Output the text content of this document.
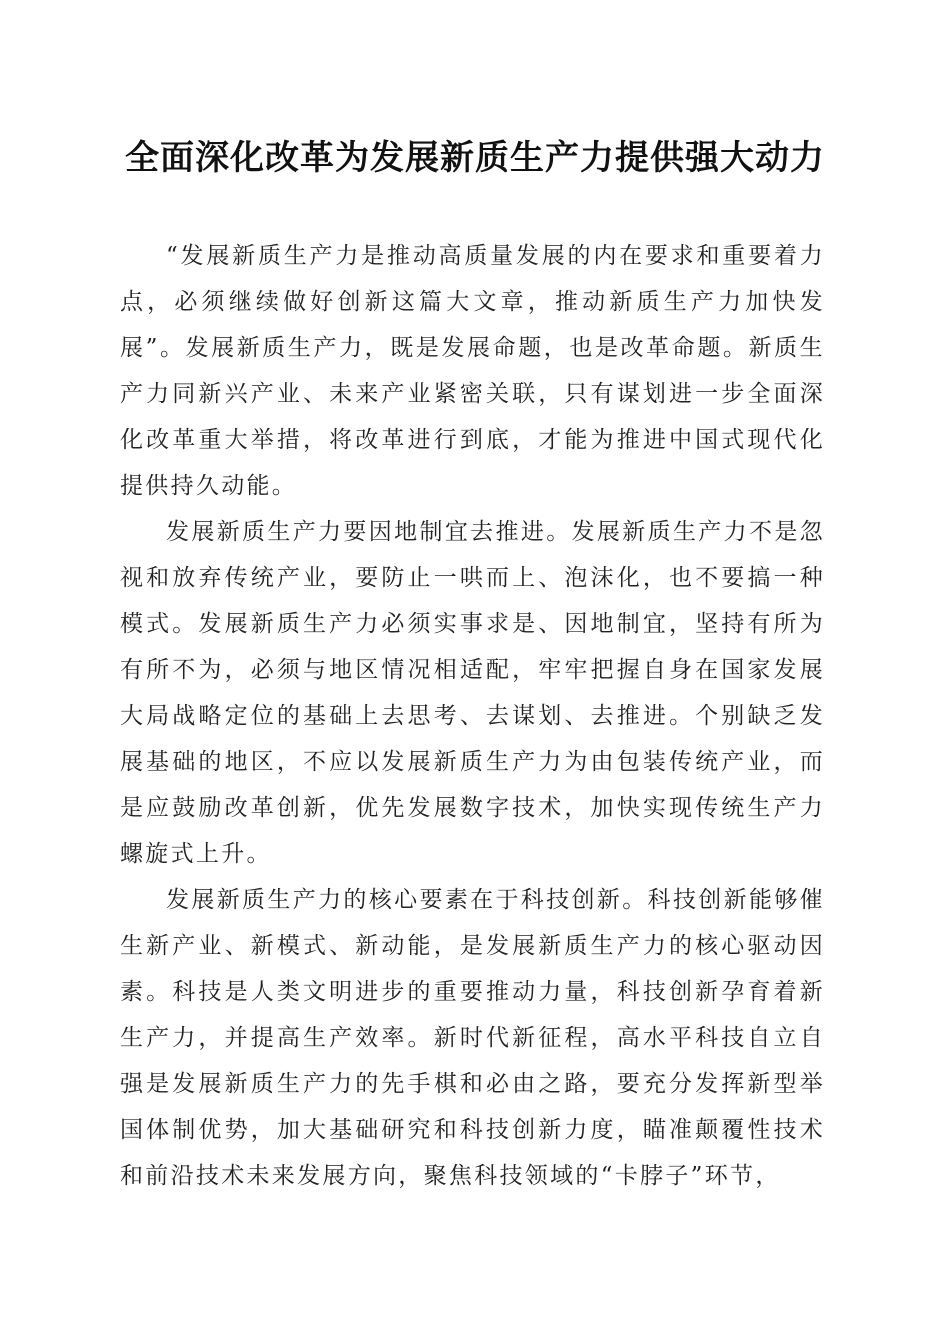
全面深化改革为发展新质生产力提供强大动力

“发展新质生产力是推动高质量发展的内在要求和重要着力点，必须继续做好创新这篇大文章，推动新质生产力加快发展”。发展新质生产力，既是发展命题，也是改革命题。新质生产力同新兴产业、未来产业紧密关联，只有谋划进一步全面深化改革重大举措，将改革进行到底，才能为推进中国式现代化提供持久动能。

发展新质生产力要因地制宜去推进。发展新质生产力不是忽视和放弃传统产业，要防止一哄而上、泡沫化，也不要搞一种模式。发展新质生产力必须实事求是、因地制宜，坚持有所为有所不为，必须与地区情况相适配，牢牢把握自身在国家发展大局战略定位的基础上去思考、去谋划、去推进。个别缺乏发展基础的地区，不应以发展新质生产力为由包装传统产业，而是应鼓励改革创新，优先发展数字技术，加快实现传统生产力螺旋式上升。

发展新质生产力的核心要素在于科技创新。科技创新能够催生新产业、新模式、新动能，是发展新质生产力的核心驱动因素。科技是人类文明进步的重要推动力量，科技创新孕育着新生产力，并提高生产效率。新时代新征程，高水平科技自立自强是发展新质生产力的先手棋和必由之路，要充分发挥新型举国体制优势，加大基础研究和科技创新力度，瞄准颠覆性技术和前沿技术未来发展方向，聚焦科技领域的“卡脖子”环节，
